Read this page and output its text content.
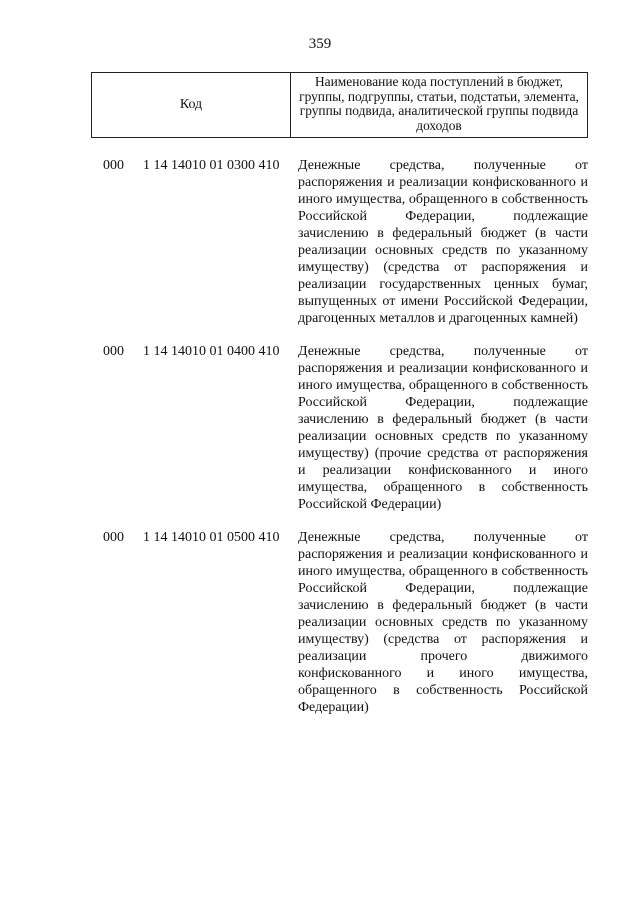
359
Код
Наименование кода поступлений в бюджет, группы, подгруппы, статьи, подстатьи, элемента, группы подвида, аналитической группы подвида доходов
000 1 14 14010 01 0300 410 Денежные средства, полученные от распоряжения и реализации конфискованного и иного имущества, обращенного в собственность Российской Федерации, подлежащие зачислению в федеральный бюджет (в части реализации основных средств по указанному имуществу) (средства от распоряжения и реализации государственных ценных бумаг, выпущенных от имени Российской Федерации, драгоценных металлов и драгоценных камней)
000 1 14 14010 01 0400 410 Денежные средства, полученные от распоряжения и реализации конфискованного и иного имущества, обращенного в собственность Российской Федерации, подлежащие зачислению в федеральный бюджет (в части реализации основных средств по указанному имуществу) (прочие средства от распоряжения и реализации конфискованного и иного имущества, обращенного в собственность Российской Федерации)
000 1 14 14010 01 0500 410 Денежные средства, полученные от распоряжения и реализации конфискованного и иного имущества, обращенного в собственность Российской Федерации, подлежащие зачислению в федеральный бюджет (в части реализации основных средств по указанному имуществу) (средства от распоряжения и реализации прочего движимого конфискованного и иного имущества, обращенного в собственность Российской Федерации)
